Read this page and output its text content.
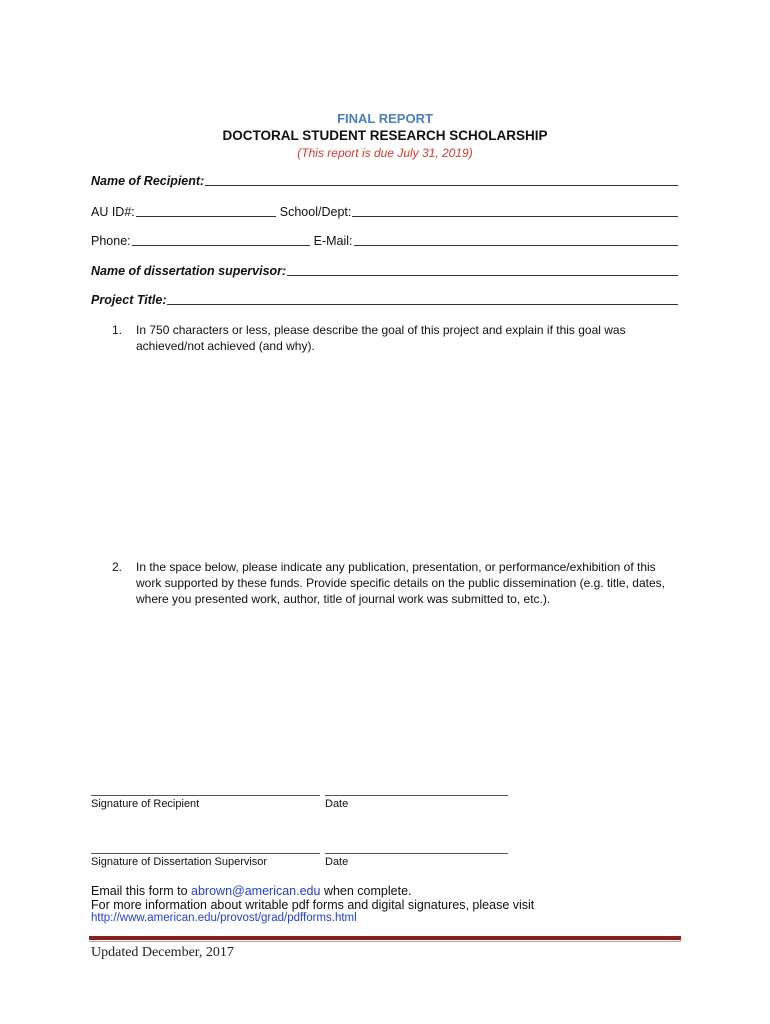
FINAL REPORT
DOCTORAL STUDENT RESEARCH SCHOLARSHIP
(This report is due July 31, 2019)
Name of Recipient:
AU ID#:	School/Dept:
Phone:	E-Mail:
Name of dissertation supervisor:
Project Title:
1.	In 750 characters or less, please describe the goal of this project and explain if this goal was achieved/not achieved (and why).
2.	In the space below, please indicate any publication, presentation, or performance/exhibition of this work supported by these funds. Provide specific details on the public dissemination (e.g. title, dates, where you presented work, author, title of journal work was submitted to, etc.).
Signature of Recipient	Date
Signature of Dissertation Supervisor	Date
Email this form to abrown@american.edu when complete.
For more information about writable pdf forms and digital signatures, please visit
http://www.american.edu/provost/grad/pdfforms.html
Updated December, 2017
